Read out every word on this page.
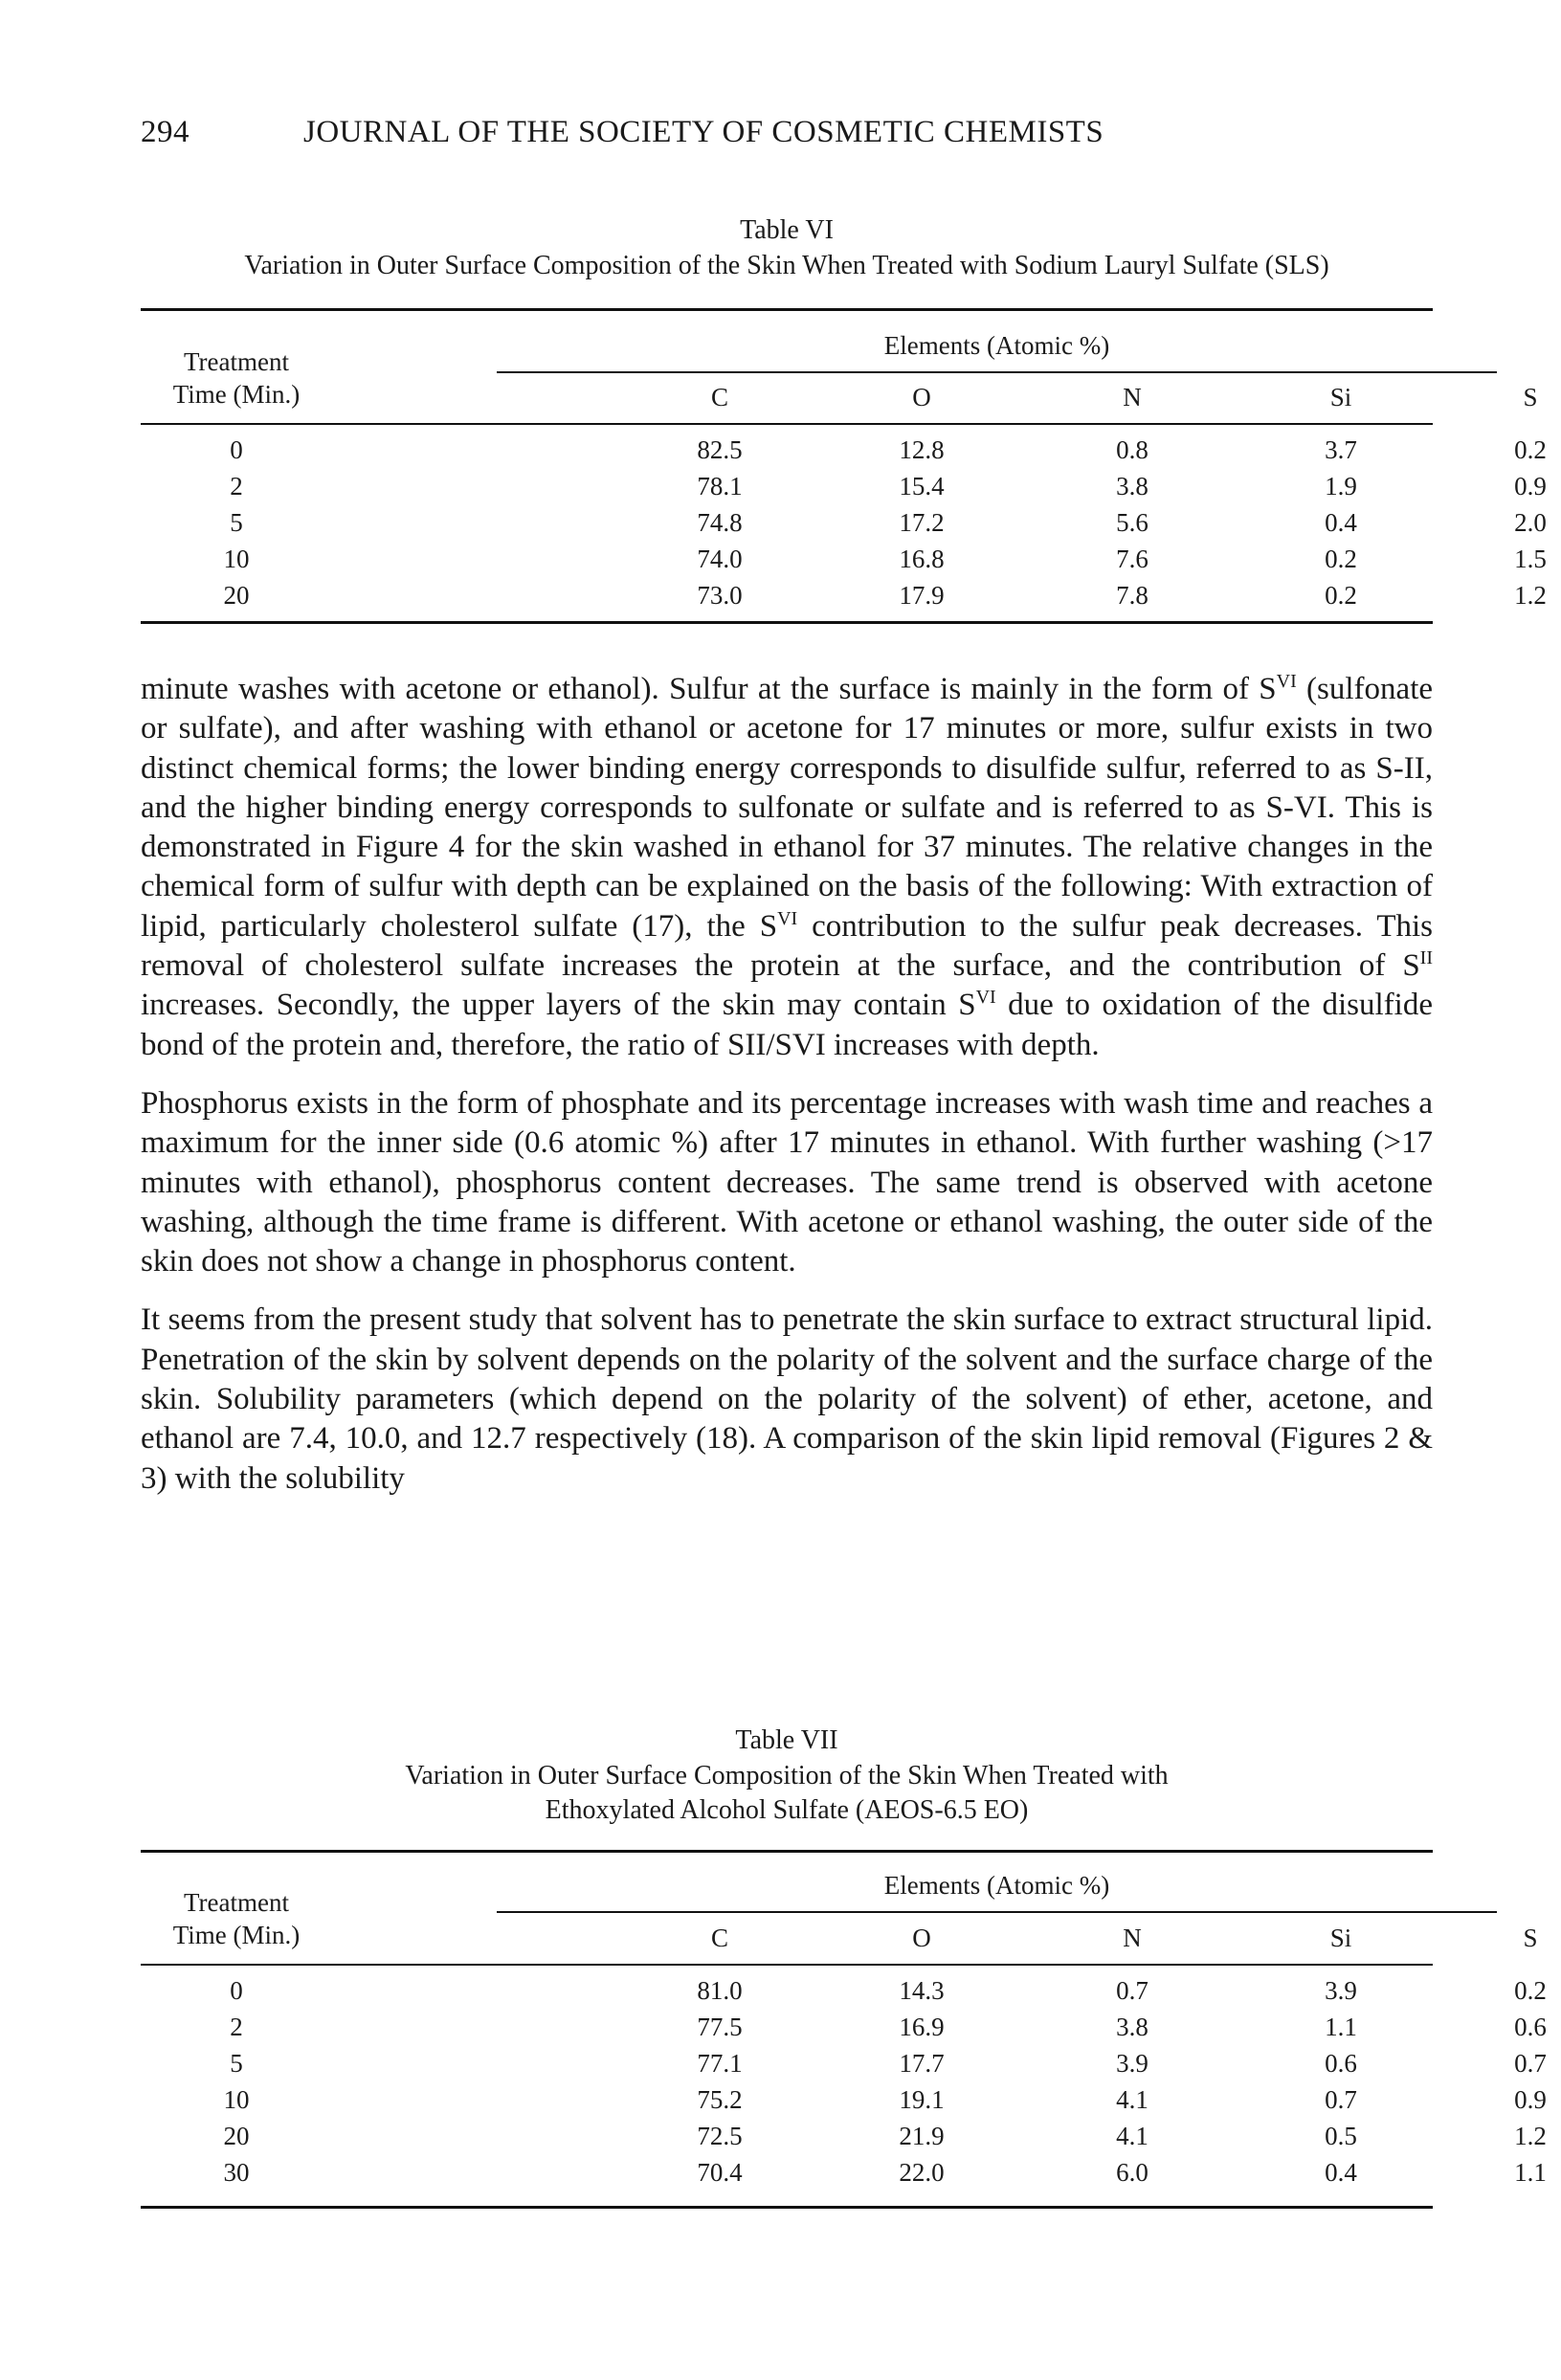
294	JOURNAL OF THE SOCIETY OF COSMETIC CHEMISTS
Table VI
Variation in Outer Surface Composition of the Skin When Treated with Sodium Lauryl Sulfate (SLS)
Elements (Atomic %)
Treatment
Time (Min.)	C	O	N	Si	S
0	82.5	12.8	0.8	3.7	0.2
2	78.1	15.4	3.8	1.9	0.9
5	74.8	17.2	5.6	0.4	2.0
10	74.0	16.8	7.6	0.2	1.5
20	73.0	17.9	7.8	0.2	1.2

minute washes with acetone or ethanol). Sulfur at the surface is mainly in the form of $S^{VI}$ (sulfonate or sulfate), and after washing with ethanol or acetone for 17 minutes or more, sulfur exists in two distinct chemical forms; the lower binding energy corresponds to disulfide sulfur, referred to as S-II, and the higher binding energy corresponds to sulfonate or sulfate and is referred to as S-VI. This is demonstrated in Figure 4 for the skin washed in ethanol for 37 minutes. The relative changes in the chemical form of sulfur with depth can be explained on the basis of the following: With extraction of lipid, particularly cholesterol sulfate (17), the $S^{VI}$ contribution to the sulfur peak decreases. This removal of cholesterol sulfate increases the protein at the surface, and the contribution of $S^{II}$ increases. Secondly, the upper layers of the skin may contain $S^{VI}$ due to oxidation of the disulfide bond of the protein and, therefore, the ratio of SII/SVI increases with depth.

Phosphorus exists in the form of phosphate and its percentage increases with wash time and reaches a maximum for the inner side (0.6 atomic %) after 17 minutes in ethanol. With further washing (>17 minutes with ethanol), phosphorus content decreases. The same trend is observed with acetone washing, although the time frame is different. With acetone or ethanol washing, the outer side of the skin does not show a change in phosphorus content.

It seems from the present study that solvent has to penetrate the skin surface to extract structural lipid. Penetration of the skin by solvent depends on the polarity of the solvent and the surface charge of the skin. Solubility parameters (which depend on the polarity of the solvent) of ether, acetone, and ethanol are 7.4, 10.0, and 12.7 respectively (18). A comparison of the skin lipid removal (Figures 2 & 3) with the solubility

Table VII
Variation in Outer Surface Composition of the Skin When Treated with Ethoxylated Alcohol Sulfate (AEOS-6.5 EO)
Elements (Atomic %)
Treatment
Time (Min.)	C	O	N	Si	S
0	81.0	14.3	0.7	3.9	0.2
2	77.5	16.9	3.8	1.1	0.6
5	77.1	17.7	3.9	0.6	0.7
10	75.2	19.1	4.1	0.7	0.9
20	72.5	21.9	4.1	0.5	1.2
30	70.4	22.0	6.0	0.4	1.1
